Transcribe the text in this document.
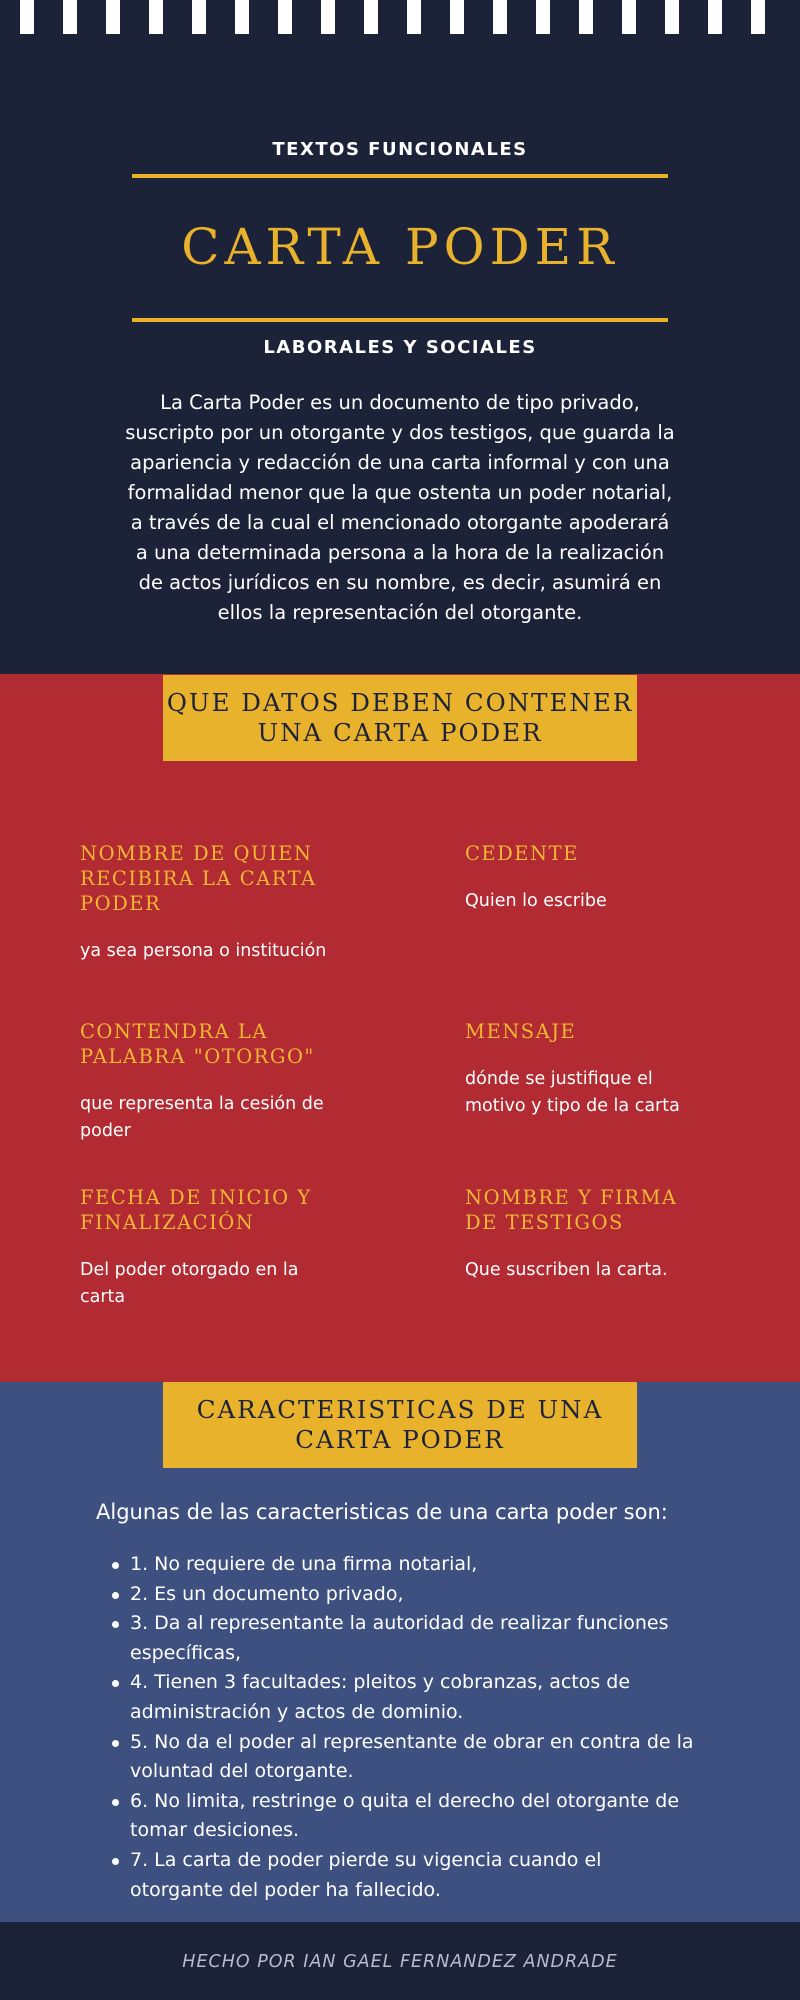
TEXTOS FUNCIONALES
CARTA PODER
LABORALES Y SOCIALES

La Carta Poder es un documento de tipo privado, suscripto por un otorgante y dos testigos, que guarda la apariencia y redacción de una carta informal y con una formalidad menor que la que ostenta un poder notarial, a través de la cual el mencionado otorgante apoderará a una determinada persona a la hora de la realización de actos jurídicos en su nombre, es decir, asumirá en ellos la representación del otorgante.

QUE DATOS DEBEN CONTENER UNA CARTA PODER
NOMBRE DE QUIEN RECIBIRA LA CARTA PODER
ya sea persona o institución
CEDENTE
Quien lo escribe
CONTENDRA LA PALABRA "OTORGO"
que representa la cesión de poder
MENSAJE
dónde se justifique el motivo y tipo de la carta
FECHA DE INICIO Y FINALIZACIÓN
Del poder otorgado en la carta
NOMBRE Y FIRMA DE TESTIGOS
Que suscriben la carta.
CARACTERISTICAS DE UNA CARTA PODER
Algunas de las caracteristicas de una carta poder son:
1. No requiere de una firma notarial,
2. Es un documento privado,
3. Da al representante la autoridad de realizar funciones específicas,
4. Tienen 3 facultades: pleitos y cobranzas, actos de administración y actos de dominio.
5. No da el poder al representante de obrar en contra de la voluntad del otorgante.
6. No limita, restringe o quita el derecho del otorgante de tomar desiciones.
7. La carta de poder pierde su vigencia cuando el otorgante del poder ha fallecido.
HECHO POR IAN GAEL FERNANDEZ ANDRADE
